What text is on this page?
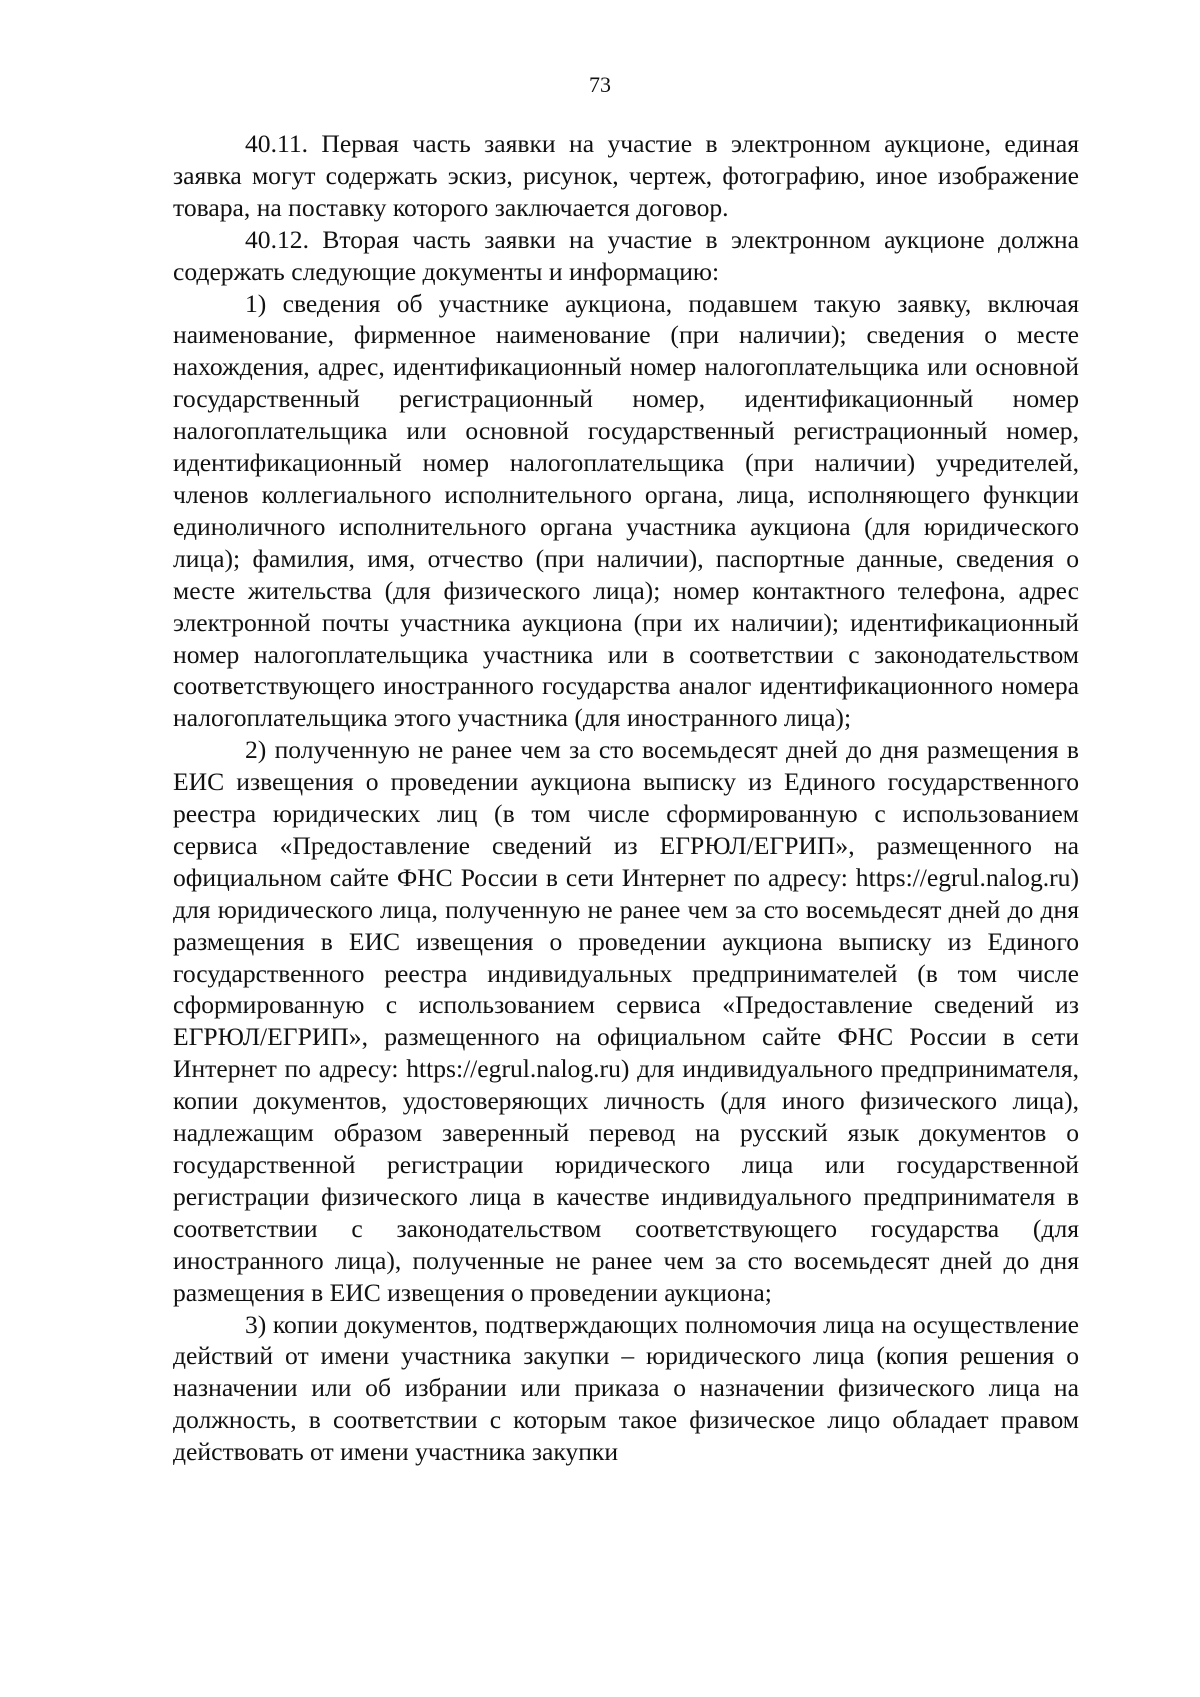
73

40.11. Первая часть заявки на участие в электронном аукционе, единая заявка могут содержать эскиз, рисунок, чертеж, фотографию, иное изображение товара, на поставку которого заключается договор.

40.12. Вторая часть заявки на участие в электронном аукционе должна содержать следующие документы и информацию:

1) сведения об участнике аукциона, подавшем такую заявку, включая наименование, фирменное наименование (при наличии); сведения о месте нахождения, адрес, идентификационный номер налогоплательщика или основной государственный регистрационный номер, идентификационный номер налогоплательщика или основной государственный регистрационный номер, идентификационный номер налогоплательщика (при наличии) учредителей, членов коллегиального исполнительного органа, лица, исполняющего функции единоличного исполнительного органа участника аукциона (для юридического лица); фамилия, имя, отчество (при наличии), паспортные данные, сведения о месте жительства (для физического лица); номер контактного телефона, адрес электронной почты участника аукциона (при их наличии); идентификационный номер налогоплательщика участника или в соответствии с законодательством соответствующего иностранного государства аналог идентификационного номера налогоплательщика этого участника (для иностранного лица);

2) полученную не ранее чем за сто восемьдесят дней до дня размещения в ЕИС извещения о проведении аукциона выписку из Единого государственного реестра юридических лиц (в том числе сформированную с использованием сервиса «Предоставление сведений из ЕГРЮЛ/ЕГРИП», размещенного на официальном сайте ФНС России в сети Интернет по адресу: https://egrul.nalog.ru) для юридического лица, полученную не ранее чем за сто восемьдесят дней до дня размещения в ЕИС извещения о проведении аукциона выписку из Единого государственного реестра индивидуальных предпринимателей (в том числе сформированную с использованием сервиса «Предоставление сведений из ЕГРЮЛ/ЕГРИП», размещенного на официальном сайте ФНС России в сети Интернет по адресу: https://egrul.nalog.ru) для индивидуального предпринимателя, копии документов, удостоверяющих личность (для иного физического лица), надлежащим образом заверенный перевод на русский язык документов о государственной регистрации юридического лица или государственной регистрации физического лица в качестве индивидуального предпринимателя в соответствии с законодательством соответствующего государства (для иностранного лица), полученные не ранее чем за сто восемьдесят дней до дня размещения в ЕИС извещения о проведении аукциона;

3) копии документов, подтверждающих полномочия лица на осуществление действий от имени участника закупки – юридического лица (копия решения о назначении или об избрании или приказа о назначении физического лица на должность, в соответствии с которым такое физическое лицо обладает правом действовать от имени участника закупки
